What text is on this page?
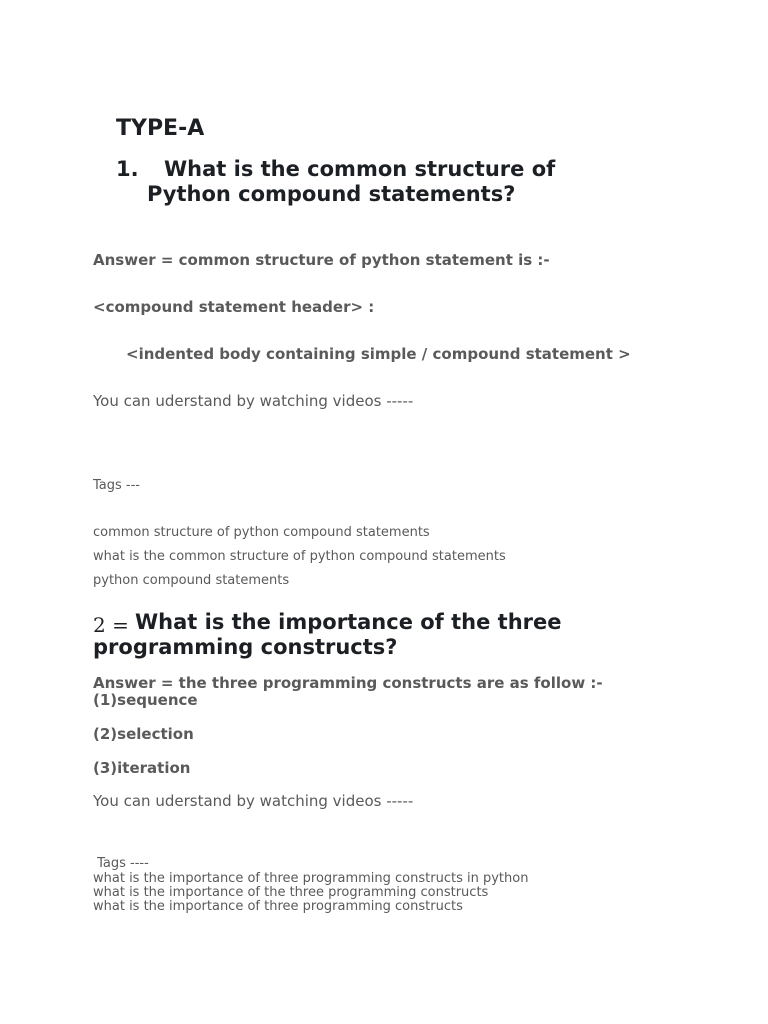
TYPE-A
1. What is the common structure of
Python compound statements?
Answer = common structure of python statement is :-
<compound statement header> :
<indented body containing simple / compound statement >
You can uderstand by watching videos -----
Tags ---
common structure of python compound statements
what is the common structure of python compound statements
python compound statements
2 = What is the importance of the three
programming constructs?
Answer = the three programming constructs are as follow :-
(1)sequence
(2)selection
(3)iteration
You can uderstand by watching videos -----
Tags ----
what is the importance of three programming constructs in python
what is the importance of the three programming constructs
what is the importance of three programming constructs
